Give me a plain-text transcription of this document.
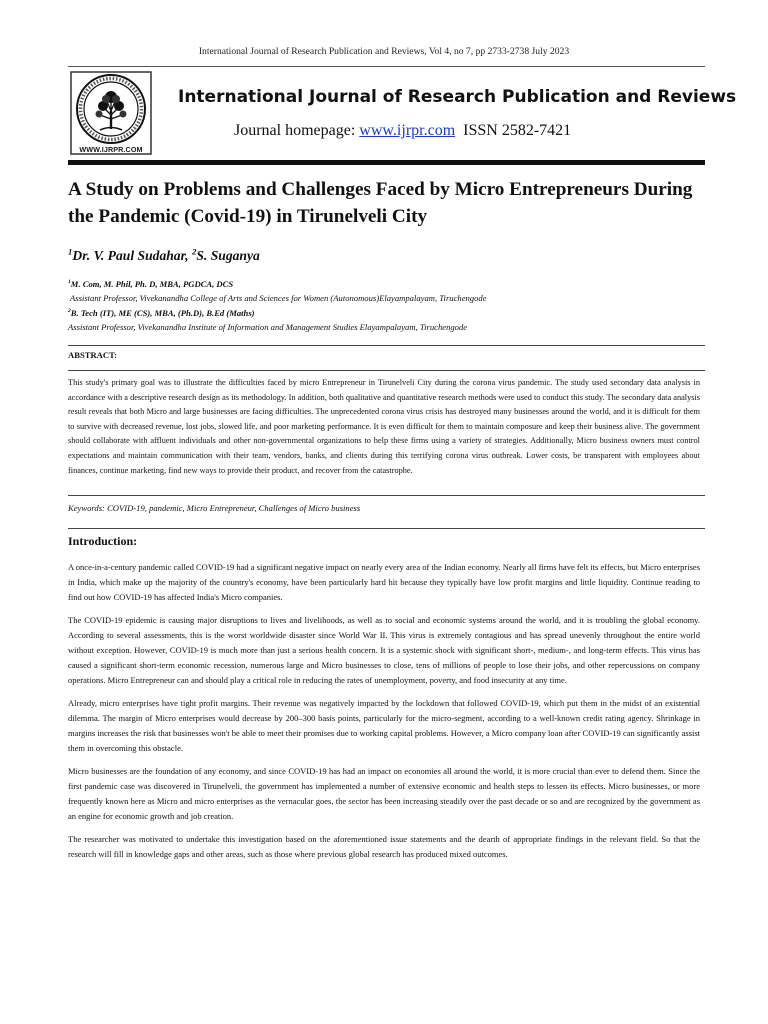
International Journal of Research Publication and Reviews, Vol 4, no 7, pp 2733-2738 July 2023
WWW.IJRPR.COM
International Journal of Research Publication and Reviews
Journal homepage: www.ijrpr.com ISSN 2582-7421
A Study on Problems and Challenges Faced by Micro Entrepreneurs During the Pandemic (Covid-19) in Tirunelveli City
$^1$Dr. V. Paul Sudahar, $^2$S. Suganya
$^1$M. Com, M. Phil, Ph. D, MBA, PGDCA, DCS
Assistant Professor, Vivekanandha College of Arts and Sciences for Women (Autonomous)Elayampalayam, Tiruchengode
$^2$B. Tech (IT), ME (CS), MBA, (Ph.D), B.Ed (Maths)
Assistant Professor, Vivekanandha Institute of Information and Management Studies Elayampalayam, Tiruchengode
ABSTRACT:
This study's primary goal was to illustrate the difficulties faced by micro Entrepreneur in Tirunelveli City during the corona virus pandemic. The study used secondary data analysis in accordance with a descriptive research design as its methodology. In addition, both qualitative and quantitative research methods were used to conduct this study. The secondary data analysis result reveals that both Micro and large businesses are facing difficulties. The unprecedented corona virus crisis has destroyed many businesses around the world, and it is difficult for them to survive with decreased revenue, lost jobs, slowed life, and poor marketing performance. It is even difficult for them to maintain composure and keep their business alive. The government should collaborate with affluent individuals and other non-governmental organizations to help these firms using a variety of strategies. Additionally, Micro business owners must control expectations and maintain communication with their team, vendors, banks, and clients during this terrifying corona virus outbreak. Lower costs, be transparent with employees about finances, continue marketing, find new ways to provide their product, and recover from the catastrophe.
Keywords: COVID-19, pandemic, Micro Entrepreneur, Challenges of Micro business
Introduction:

A once-in-a-century pandemic called COVID-19 had a significant negative impact on nearly every area of the Indian economy. Nearly all firms have felt its effects, but Micro enterprises in India, which make up the majority of the country's economy, have been particularly hard hit because they typically have low profit margins and little liquidity. Continue reading to find out how COVID-19 has affected India's Micro companies.

The COVID-19 epidemic is causing major disruptions to lives and livelihoods, as well as to social and economic systems around the world, and it is troubling the global economy. According to several assessments, this is the worst worldwide disaster since World War II. This virus is extremely contagious and has spread unevenly throughout the entire world without exception. However, COVID-19 is much more than just a serious health concern. It is a systemic shock with significant short-, medium-, and long-term effects. This virus has caused a significant short-term economic recession, numerous large and Micro businesses to close, tens of millions of people to lose their jobs, and other repercussions on company operations. Micro Entrepreneur can and should play a critical role in reducing the rates of unemployment, poverty, and food insecurity at any time.

Already, micro enterprises have tight profit margins. Their revenue was negatively impacted by the lockdown that followed COVID-19, which put them in the midst of an existential dilemma. The margin of Micro enterprises would decrease by 200–300 basis points, particularly for the micro-segment, according to a well-known credit rating agency. Shrinkage in margins increases the risk that businesses won't be able to meet their promises due to working capital problems. However, a Micro company loan after COVID-19 can significantly assist them in overcoming this obstacle.

Micro businesses are the foundation of any economy, and since COVID-19 has had an impact on economies all around the world, it is more crucial than ever to defend them. Since the first pandemic case was discovered in Tirunelveli, the government has implemented a number of extensive economic and health steps to lessen its effects. Micro businesses, or more frequently known here as Micro and micro enterprises as the vernacular goes, the sector has been increasing steadily over the past decade or so and are recognized by the government as an engine for economic growth and job creation.

The researcher was motivated to undertake this investigation based on the aforementioned issue statements and the dearth of appropriate findings in the relevant field. So that the research will fill in knowledge gaps and other areas, such as those where previous global research has produced mixed outcomes.
